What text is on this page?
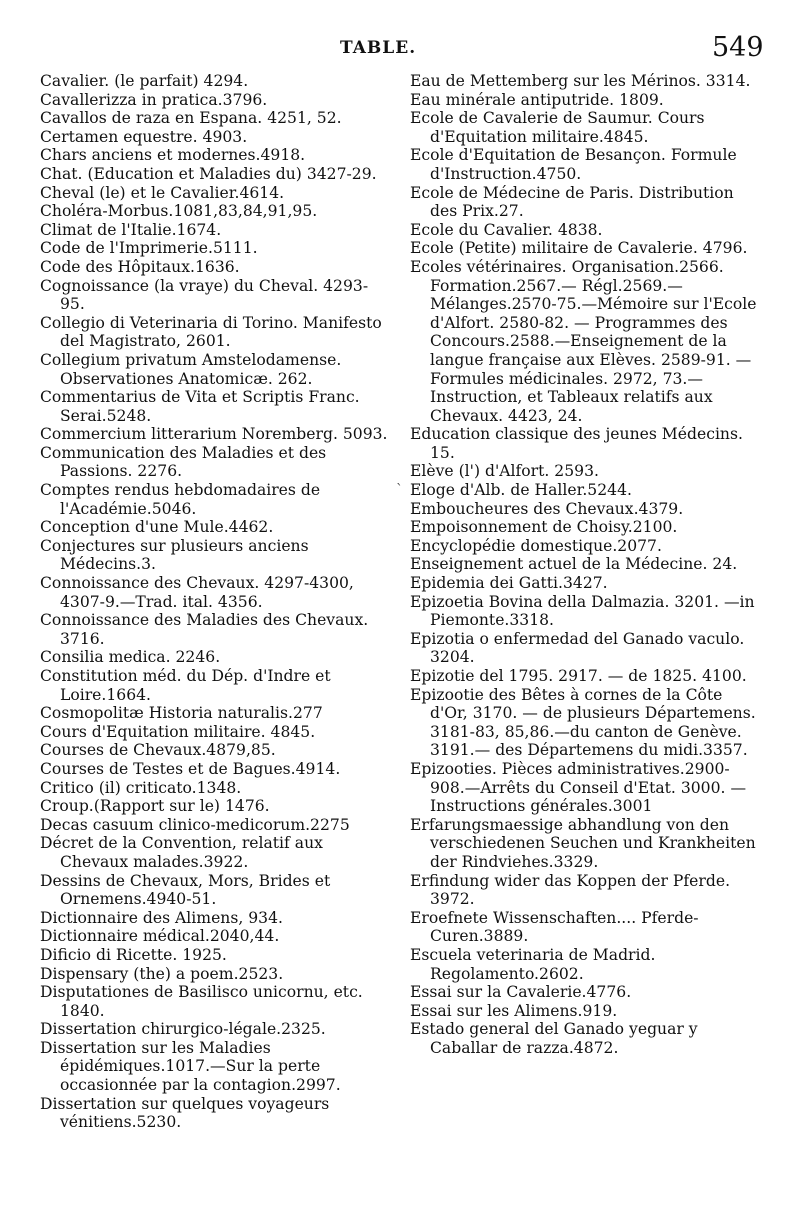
TABLE.	549
Cavalier. (le parfait) 4294.
Cavallerizza in pratica.3796.
Cavallos de raza en Espana. 4251, 52.
Certamen equestre. 4903.
Chars anciens et modernes.4918.
Chat. (Education et Maladies du) 3427-29.
Cheval (le) et le Cavalier.4614.
Choléra-Morbus.1081,83,84,91,95.
Climat de l'Italie.1674.
Code de l'Imprimerie.5111.
Code des Hôpitaux.1636.
Cognoissance (la vraye) du Cheval. 4293-95.
Collegio di Veterinaria di Torino. Manifesto del Magistrato, 2601.
Collegium privatum Amstelodamense. Observationes Anatomicæ. 262.
Commentarius de Vita et Scriptis Franc. Serai.5248.
Commercium litterarium Noremberg. 5093.
Communication des Maladies et des Passions. 2276.
Comptes rendus hebdomadaires de l'Académie.5046.
Conception d'une Mule.4462.
Conjectures sur plusieurs anciens Médecins.3.
Connoissance des Chevaux. 4297-4300, 4307-9.—Trad. ital. 4356.
Connoissance des Maladies des Chevaux. 3716.
Consilia medica. 2246.
Constitution méd. du Dép. d'Indre et Loire.1664.
Cosmopolitæ Historia naturalis.277
Cours d'Equitation militaire. 4845.
Courses de Chevaux.4879,85.
Courses de Testes et de Bagues.4914.
Critico (il) criticato.1348.
Croup.(Rapport sur le) 1476.
Decas casuum clinico-medicorum.2275
Décret de la Convention, relatif aux Chevaux malades.3922.
Dessins de Chevaux, Mors, Brides et Ornemens.4940-51.
Dictionnaire des Alimens, 934.
Dictionnaire médical.2040,44.
Dificio di Ricette. 1925.
Dispensary (the) a poem.2523.
Disputationes de Basilisco unicornu, etc. 1840.
Dissertation chirurgico-légale.2325.
Dissertation sur les Maladies épidémiques.1017.—Sur la perte occasionnée par la contagion.2997.
Dissertation sur quelques voyageurs vénitiens.5230.
`
Eau de Mettemberg sur les Mérinos. 3314.
Eau minérale antiputride. 1809.
Ecole de Cavalerie de Saumur. Cours d'Equitation militaire.4845.
Ecole d'Equitation de Besançon. Formule d'Instruction.4750.
Ecole de Médecine de Paris. Distribution des Prix.27.
Ecole du Cavalier. 4838.
Ecole (Petite) militaire de Cavalerie. 4796.
Ecoles vétérinaires. Organisation.2566. Formation.2567.— Régl.2569.— Mélanges.2570-75.—Mémoire sur l'Ecole d'Alfort. 2580-82. — Programmes des Concours.2588.—Enseignement de la langue française aux Elèves. 2589-91. —Formules médicinales. 2972, 73.— Instruction, et Tableaux relatifs aux Chevaux. 4423, 24.
Education classique des jeunes Médecins. 15.
Elève (l') d'Alfort. 2593.
Eloge d'Alb. de Haller.5244.
Emboucheures des Chevaux.4379.
Empoisonnement de Choisy.2100.
Encyclopédie domestique.2077.
Enseignement actuel de la Médecine. 24.
Epidemia dei Gatti.3427.
Epizoetia Bovina della Dalmazia. 3201. —in Piemonte.3318.
Epizotia o enfermedad del Ganado vaculo. 3204.
Epizotie del 1795. 2917. — de 1825. 4100.
Epizootie des Bêtes à cornes de la Côte d'Or, 3170. — de plusieurs Départemens. 3181-83, 85,86.—du canton de Genève. 3191.— des Départemens du midi.3357.
Epizooties. Pièces administratives.2900-908.—Arrêts du Conseil d'Etat. 3000. —Instructions générales.3001
Erfarungsmaessige abhandlung von den verschiedenen Seuchen und Krankheiten der Rindviehes.3329.
Erfindung wider das Koppen der Pferde. 3972.
Eroefnete Wissenschaften.... Pferde-Curen.3889.
Escuela veterinaria de Madrid. Regolamento.2602.
Essai sur la Cavalerie.4776.
Essai sur les Alimens.919.
Estado general del Ganado yeguar y Caballar de razza.4872.
